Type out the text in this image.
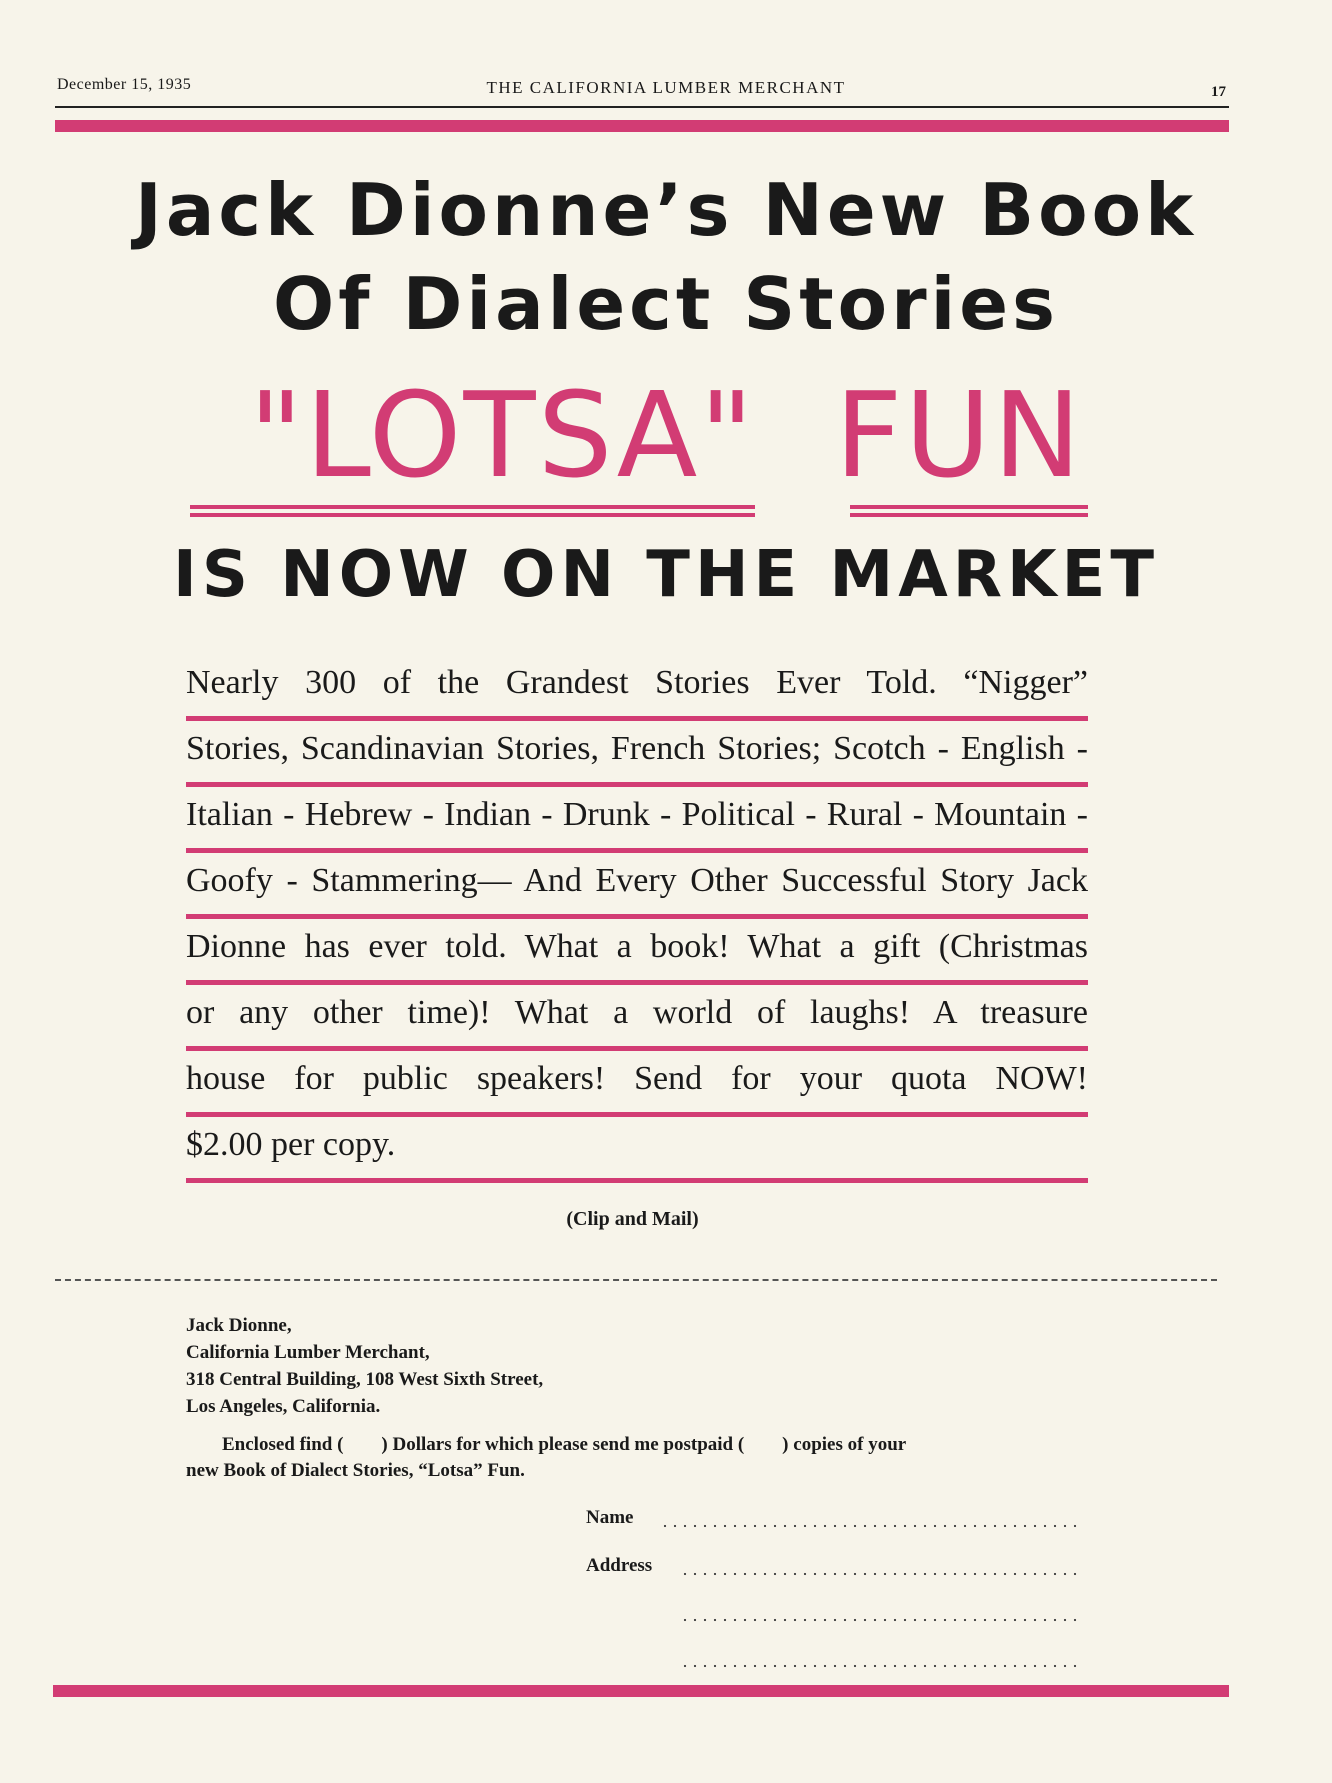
December 15, 1935	THE CALIFORNIA LUMBER MERCHANT	17
Jack Dionne’s New Book
Of Dialect Stories
"LOTSA"  FUN
IS NOW ON THE MARKET
Nearly 300 of the Grandest Stories Ever Told. “Nigger”
Stories, Scandinavian Stories, French Stories; Scotch - English -
Italian - Hebrew - Indian - Drunk - Political - Rural - Mountain -
Goofy - Stammering— And Every Other Successful Story Jack
Dionne has ever told. What a book! What a gift (Christmas
or any other time)! What a world of laughs! A treasure
house for public speakers! Send for your quota NOW!
$2.00 per copy.
(Clip and Mail)
Jack Dionne,
California Lumber Merchant,
318 Central Building, 108 West Sixth Street,
Los Angeles, California.
Enclosed find (        ) Dollars for which please send me postpaid (        ) copies of your
new Book of Dialect Stories, “Lotsa” Fun.
Name
Address
